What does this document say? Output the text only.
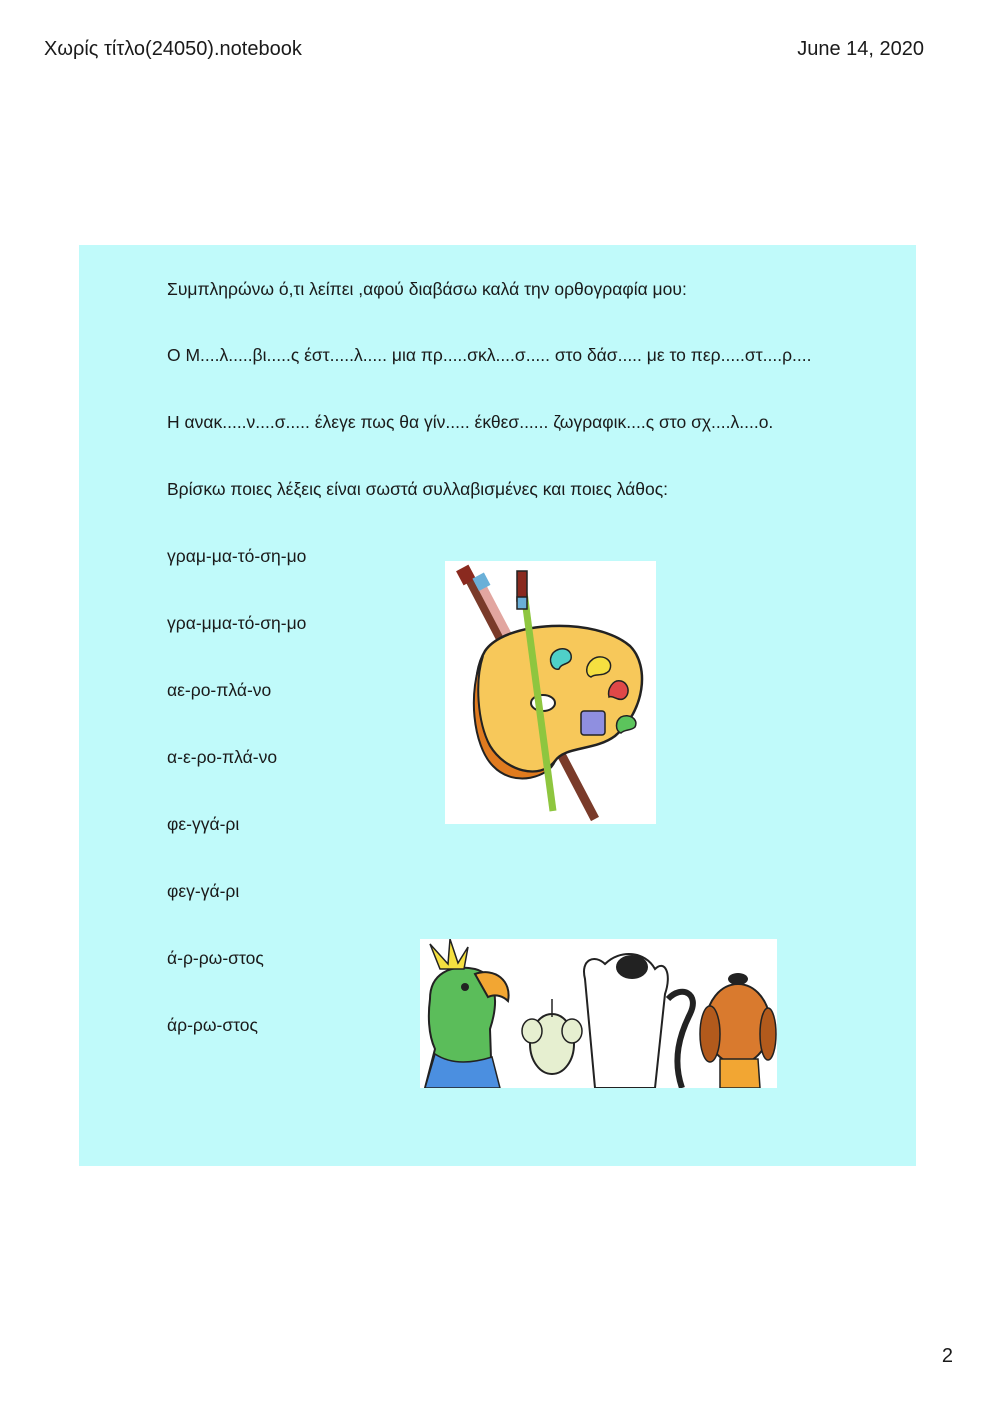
Χωρίς τίτλο(24050).notebook	June 14, 2020
Συμπληρώνω ό,τι λείπει ,αφού διαβάσω καλά την ορθογραφία μου:
Ο Μ....λ.....βι.....ς έστ.....λ..... μια πρ.....σκλ....σ..... στο δάσ..... με το περ.....στ....ρ....
Η ανακ.....ν....σ..... έλεγε πως θα γίν..... έκθεσ...... ζωγραφικ....ς στο σχ....λ....ο.
Βρίσκω ποιες λέξεις είναι σωστά συλλαβισμένες και ποιες λάθος:
γραμ-μα-τό-ση-μο
γρα-μμα-τό-ση-μο
αε-ρο-πλά-νο
α-ε-ρο-πλά-νο
φε-γγά-ρι
φεγ-γά-ρι
ά-ρ-ρω-στος
άρ-ρω-στος
2
